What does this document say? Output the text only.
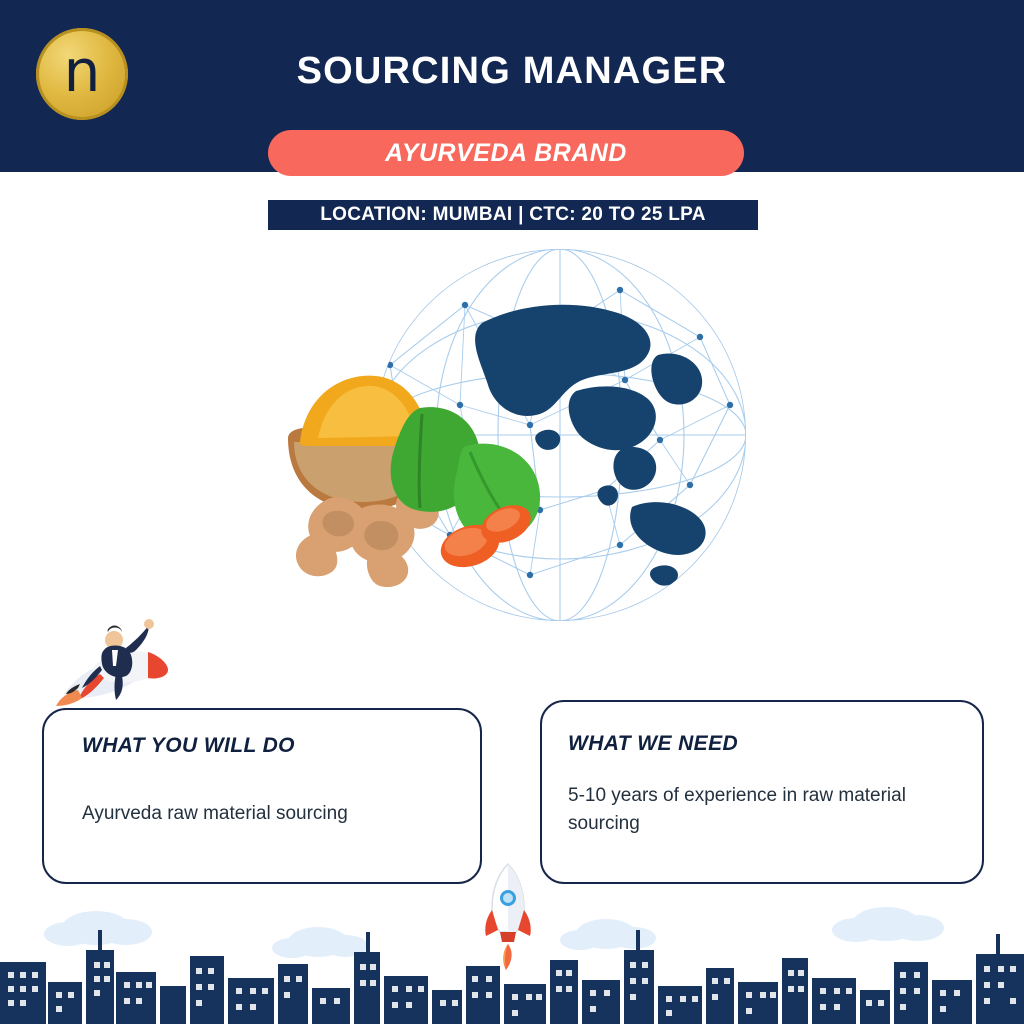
n	SOURCING MANAGER
AYURVEDA BRAND
LOCATION: MUMBAI | CTC: 20 TO 25 LPA
WHAT YOU WILL DO
Ayurveda raw material sourcing
WHAT WE NEED
5-10 years of experience in raw material sourcing
